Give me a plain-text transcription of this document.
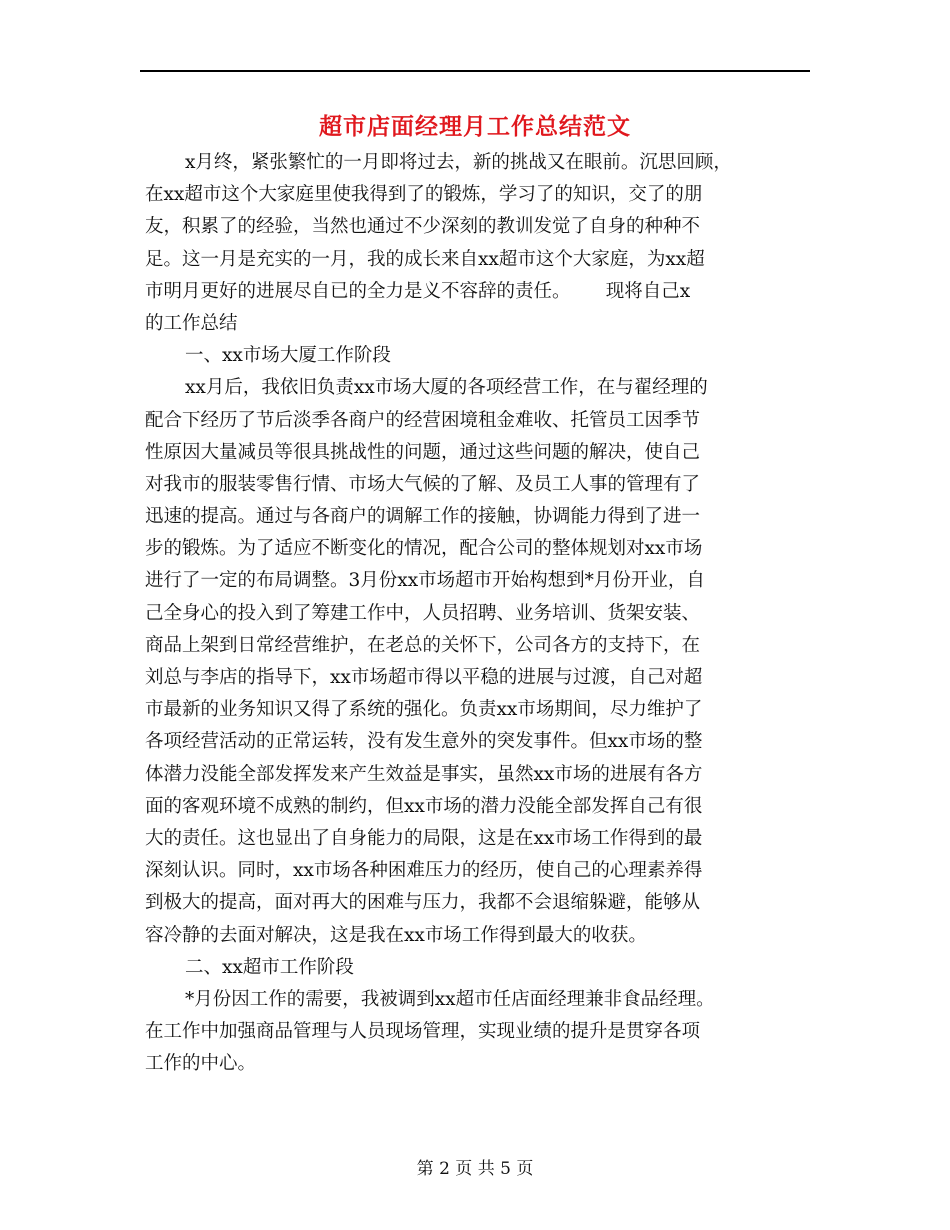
超市店面经理月工作总结范文
x月终，紧张繁忙的一月即将过去，新的挑战又在眼前。沉思回顾，
在xx超市这个大家庭里使我得到了的锻炼，学习了的知识，交了的朋
友，积累了的经验，当然也通过不少深刻的教训发觉了自身的种种不
足。这一月是充实的一月，我的成长来自xx超市这个大家庭，为xx超
市明月更好的进展尽自已的全力是义不容辞的责任。      现将自己x
的工作总结
一、xx市场大厦工作阶段
xx月后，我依旧负责xx市场大厦的各项经营工作，在与翟经理的
配合下经历了节后淡季各商户的经营困境租金难收、托管员工因季节
性原因大量减员等很具挑战性的问题，通过这些问题的解决，使自己
对我市的服装零售行情、市场大气候的了解、及员工人事的管理有了
迅速的提高。通过与各商户的调解工作的接触，协调能力得到了进一
步的锻炼。为了适应不断变化的情况，配合公司的整体规划对xx市场
进行了一定的布局调整。3月份xx市场超市开始构想到*月份开业，自
己全身心的投入到了筹建工作中，人员招聘、业务培训、货架安装、
商品上架到日常经营维护，在老总的关怀下，公司各方的支持下，在
刘总与李店的指导下，xx市场超市得以平稳的进展与过渡，自己对超
市最新的业务知识又得了系统的强化。负责xx市场期间，尽力维护了
各项经营活动的正常运转，没有发生意外的突发事件。但xx市场的整
体潜力没能全部发挥发来产生效益是事实，虽然xx市场的进展有各方
面的客观环境不成熟的制约，但xx市场的潜力没能全部发挥自己有很
大的责任。这也显出了自身能力的局限，这是在xx市场工作得到的最
深刻认识。同时，xx市场各种困难压力的经历，使自己的心理素养得
到极大的提高，面对再大的困难与压力，我都不会退缩躲避，能够从
容冷静的去面对解决，这是我在xx市场工作得到最大的收获。
二、xx超市工作阶段
*月份因工作的需要，我被调到xx超市任店面经理兼非食品经理。
在工作中加强商品管理与人员现场管理，实现业绩的提升是贯穿各项
工作的中心。
第 2 页 共 5 页
